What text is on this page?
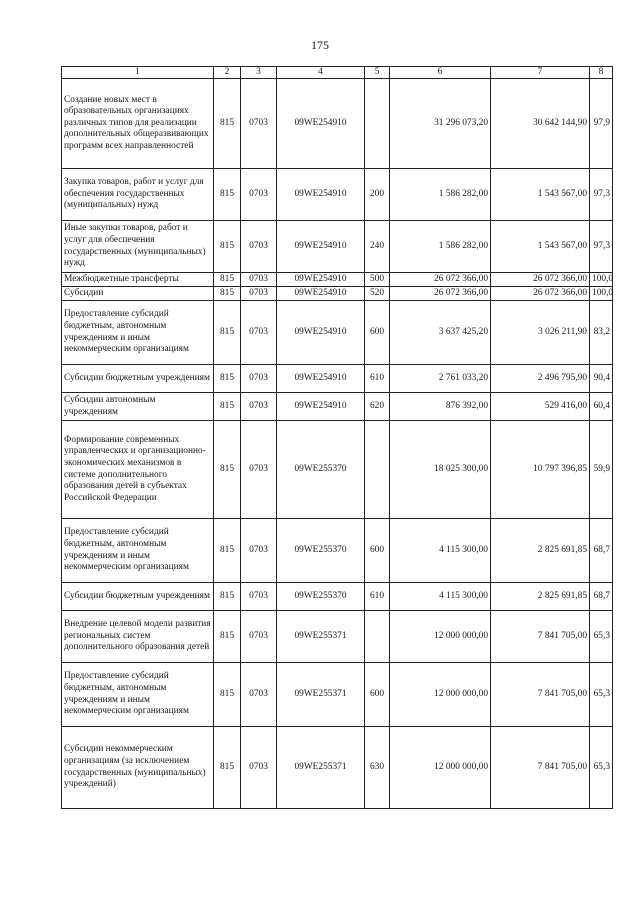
175
1	2	3	4	5	6	7	8
Создание новых мест в образовательных организациях различных типов для реализации дополнительных общеразвивающих программ всех направленностей	815	0703	09WE254910		31 296 073,20	30 642 144,90	97,9
Закупка товаров, работ и услуг для обеспечения государственных (муниципальных) нужд	815	0703	09WE254910	200	1 586 282,00	1 543 567,00	97,3
Иные закупки товаров, работ и услуг для обеспечения государственных (муниципальных) нужд	815	0703	09WE254910	240	1 586 282,00	1 543 567,00	97,3
Межбюджетные трансферты	815	0703	09WE254910	500	26 072 366,00	26 072 366,00	100,0
Субсидии	815	0703	09WE254910	520	26 072 366,00	26 072 366,00	100,0
Предоставление субсидий бюджетным, автономным учреждениям и иным некоммерческим организациям	815	0703	09WE254910	600	3 637 425,20	3 026 211,90	83,2
Субсидии бюджетным учреждениям	815	0703	09WE254910	610	2 761 033,20	2 496 795,90	90,4
Субсидии автономным учреждениям	815	0703	09WE254910	620	876 392,00	529 416,00	60,4
Формирование современных управленческих и организационно-экономических механизмов в системе дополнительного образования детей в субъектах Российской Федерации	815	0703	09WE255370		18 025 300,00	10 797 396,85	59,9
Предоставление субсидий бюджетным, автономным учреждениям и иным некоммерческим организациям	815	0703	09WE255370	600	4 115 300,00	2 825 691,85	68,7
Субсидии бюджетным учреждениям	815	0703	09WE255370	610	4 115 300,00	2 825 691,85	68,7
Внедрение целевой модели развития региональных систем дополнительного образования детей	815	0703	09WE255371		12 000 000,00	7 841 705,00	65,3
Предоставление субсидий бюджетным, автономным учреждениям и иным некоммерческим организациям	815	0703	09WE255371	600	12 000 000,00	7 841 705,00	65,3
Субсидии некоммерческим организациям (за исключением государственных (муниципальных) учреждений)	815	0703	09WE255371	630	12 000 000,00	7 841 705,00	65,3
